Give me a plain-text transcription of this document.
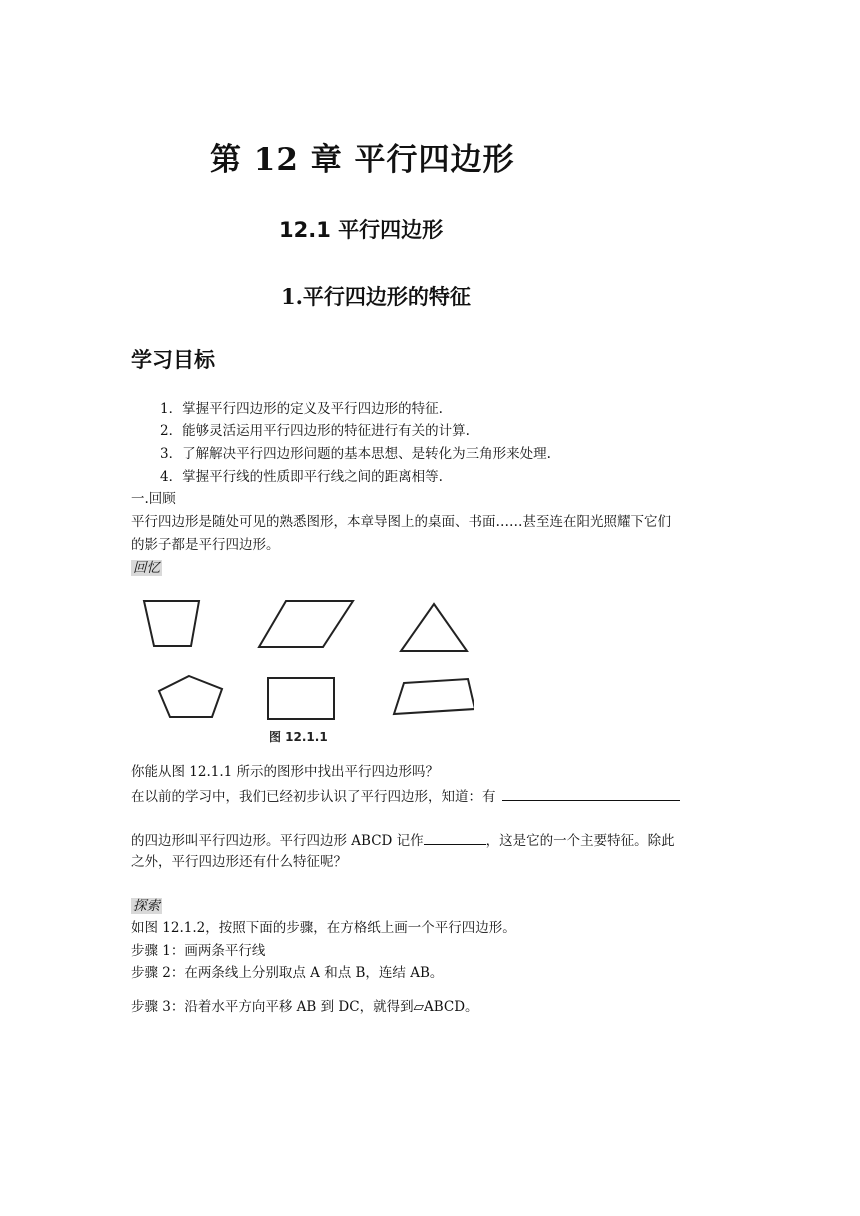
第 12 章 平行四边形
12.1 平行四边形
1.平行四边形的特征
学习目标
1．掌握平行四边形的定义及平行四边形的特征.
2．能够灵活运用平行四边形的特征进行有关的计算.
3．了解解决平行四边形问题的基本思想、是转化为三角形来处理.
4．掌握平行线的性质即平行线之间的距离相等.
一.回顾
平行四边形是随处可见的熟悉图形，本章导图上的桌面、书面……甚至连在阳光照耀下它们
的影子都是平行四边形。
回忆
图 12.1.1
你能从图 12.1.1 所示的图形中找出平行四边形吗？
在以前的学习中，我们已经初步认识了平行四边形，知道：有
的四边形叫平行四边形。平行四边形 ABCD 记作	，这是它的一个主要特征。除此
之外，平行四边形还有什么特征呢？
探索
如图 12.1.2，按照下面的步骤，在方格纸上画一个平行四边形。
步骤 1：画两条平行线
步骤 2：在两条线上分别取点 A 和点 B，连结 AB。
步骤 3：沿着水平方向平移 AB 到 DC，就得到▱ABCD。
